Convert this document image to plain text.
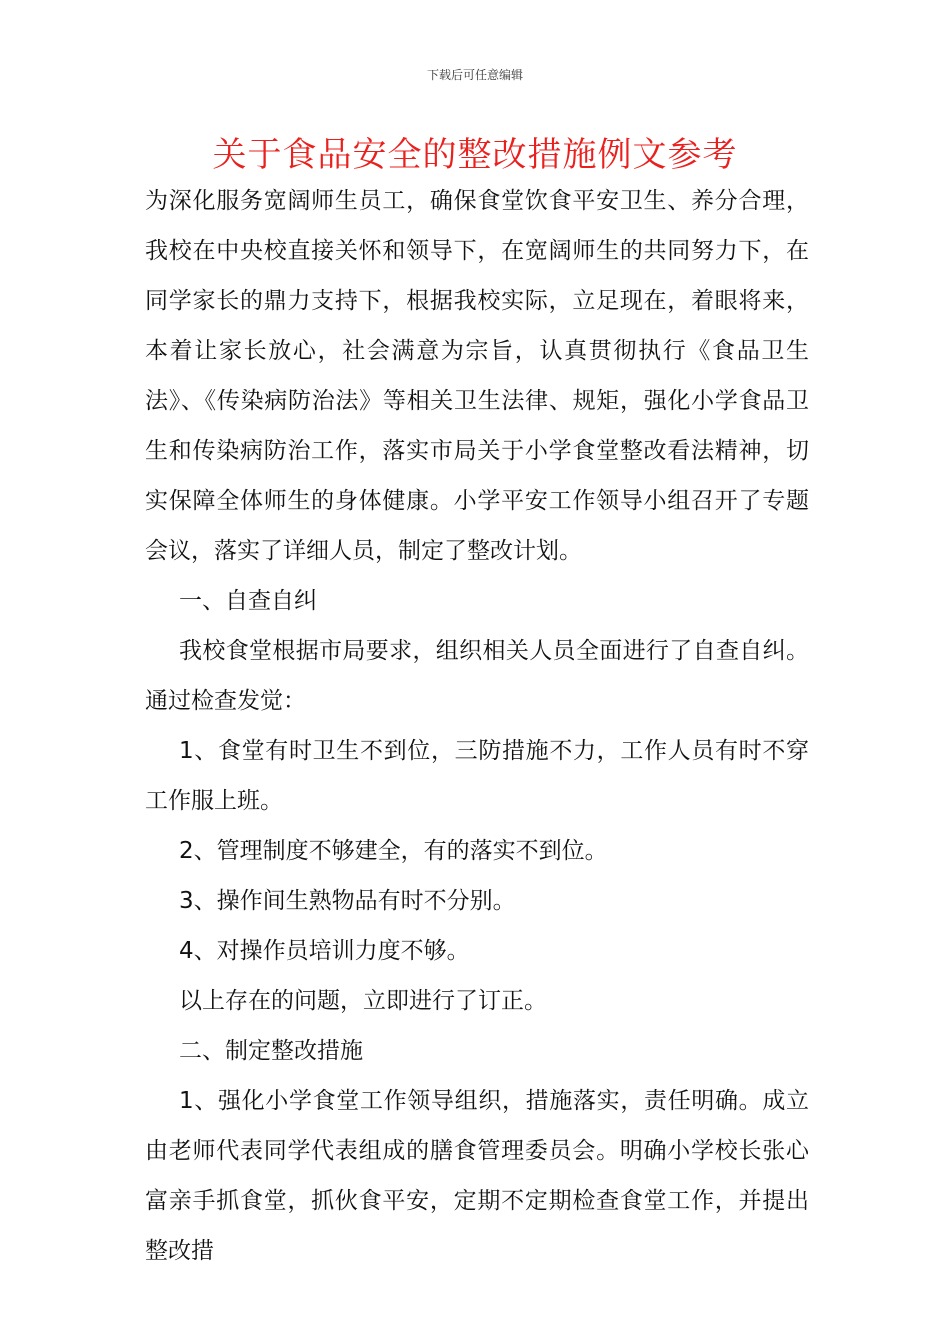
下载后可任意编辑
关于食品安全的整改措施例文参考

为深化服务宽阔师生员工，确保食堂饮食平安卫生、养分合理，我校在中央校直接关怀和领导下，在宽阔师生的共同努力下，在同学家长的鼎力支持下，根据我校实际，立足现在，着眼将来，本着让家长放心，社会满意为宗旨，认真贯彻执行《食品卫生法》、《传染病防治法》等相关卫生法律、规矩，强化小学食品卫生和传染病防治工作，落实市局关于小学食堂整改看法精神，切实保障全体师生的身体健康。小学平安工作领导小组召开了专题会议，落实了详细人员，制定了整改计划。

一、自查自纠

我校食堂根据市局要求，组织相关人员全面进行了自查自纠。通过检查发觉：

1、食堂有时卫生不到位，三防措施不力，工作人员有时不穿工作服上班。

2、管理制度不够建全，有的落实不到位。

3、操作间生熟物品有时不分别。

4、对操作员培训力度不够。

以上存在的问题，立即进行了订正。

二、制定整改措施

1、强化小学食堂工作领导组织，措施落实，责任明确。成立由老师代表同学代表组成的膳食管理委员会。明确小学校长张心富亲手抓食堂，抓伙食平安，定期不定期检查食堂工作，并提出整改措
